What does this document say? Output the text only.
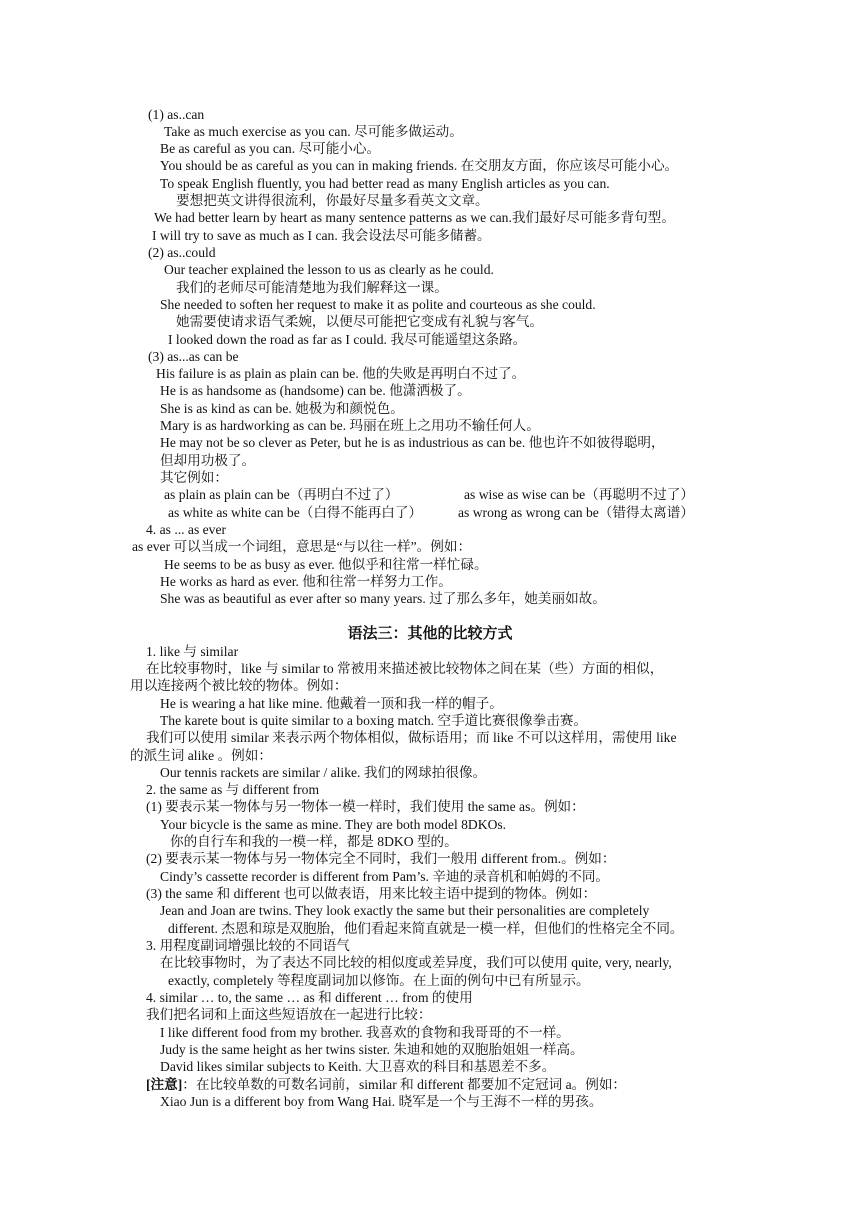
(1) as..can
Take as much exercise as you can. 尽可能多做运动。
Be as careful as you can. 尽可能小心。
You should be as careful as you can in making friends. 在交朋友方面，你应该尽可能小心。
To speak English fluently, you had better read as many English articles as you can.
要想把英文讲得很流利，你最好尽量多看英文文章。
We had better learn by heart as many sentence patterns as we can.我们最好尽可能多背句型。
I will try to save as much as I can. 我会设法尽可能多储蓄。
(2) as..could
Our teacher explained the lesson to us as clearly as he could.
我们的老师尽可能清楚地为我们解释这一课。
She needed to soften her request to make it as polite and courteous as she could.
她需要使请求语气柔婉，以便尽可能把它变成有礼貌与客气。
I looked down the road as far as I could. 我尽可能遥望这条路。
(3) as...as can be
His failure is as plain as plain can be. 他的失败是再明白不过了。
He is as handsome as (handsome) can be. 他潇洒极了。
She is as kind as can be. 她极为和颜悦色。
Mary is as hardworking as can be. 玛丽在班上之用功不输任何人。
He may not be so clever as Peter, but he is as industrious as can be. 他也许不如彼得聪明，
但却用功极了。
其它例如：
as plain as plain can be（再明白不过了）	as wise as wise can be（再聪明不过了）
as white as white can be（白得不能再白了）	as wrong as wrong can be（错得太离谱）
4. as ... as ever
as ever 可以当成一个词组，意思是“与以往一样”。例如：
He seems to be as busy as ever. 他似乎和往常一样忙碌。
He works as hard as ever. 他和往常一样努力工作。
She was as beautiful as ever after so many years. 过了那么多年，她美丽如故。
语法三：其他的比较方式
1. like 与 similar
在比较事物时，like 与 similar to 常被用来描述被比较物体之间在某（些）方面的相似，
用以连接两个被比较的物体。例如：
He is wearing a hat like mine. 他戴着一顶和我一样的帽子。
The karete bout is quite similar to a boxing match. 空手道比赛很像拳击赛。
我们可以使用 similar 来表示两个物体相似，做标语用；而 like 不可以这样用，需使用 like
的派生词 alike 。例如：
Our tennis rackets are similar / alike. 我们的网球拍很像。
2. the same as 与 different from
(1) 要表示某一物体与另一物体一模一样时，我们使用 the same as。例如：
Your bicycle is the same as mine. They are both model 8DKOs.
你的自行车和我的一模一样，都是 8DKO 型的。
(2) 要表示某一物体与另一物体完全不同时，我们一般用 different from.。例如：
Cindy’s cassette recorder is different from Pam’s. 辛迪的录音机和帕姆的不同。
(3) the same 和 different 也可以做表语，用来比较主语中提到的物体。例如：
Jean and Joan are twins. They look exactly the same but their personalities are completely
different. 杰恩和琼是双胞胎，他们看起来简直就是一模一样，但他们的性格完全不同。
3. 用程度副词增强比较的不同语气
在比较事物时，为了表达不同比较的相似度或差异度，我们可以使用 quite, very, nearly,
exactly, completely 等程度副词加以修饰。在上面的例句中已有所显示。
4. similar … to, the same … as 和 different … from 的使用
我们把名词和上面这些短语放在一起进行比较：
I like different food from my brother. 我喜欢的食物和我哥哥的不一样。
Judy is the same height as her twins sister. 朱迪和她的双胞胎姐姐一样高。
David likes similar subjects to Keith. 大卫喜欢的科目和基恩差不多。
[注意]：在比较单数的可数名词前，similar 和 different 都要加不定冠词 a。例如：
Xiao Jun is a different boy from Wang Hai. 晓军是一个与王海不一样的男孩。
